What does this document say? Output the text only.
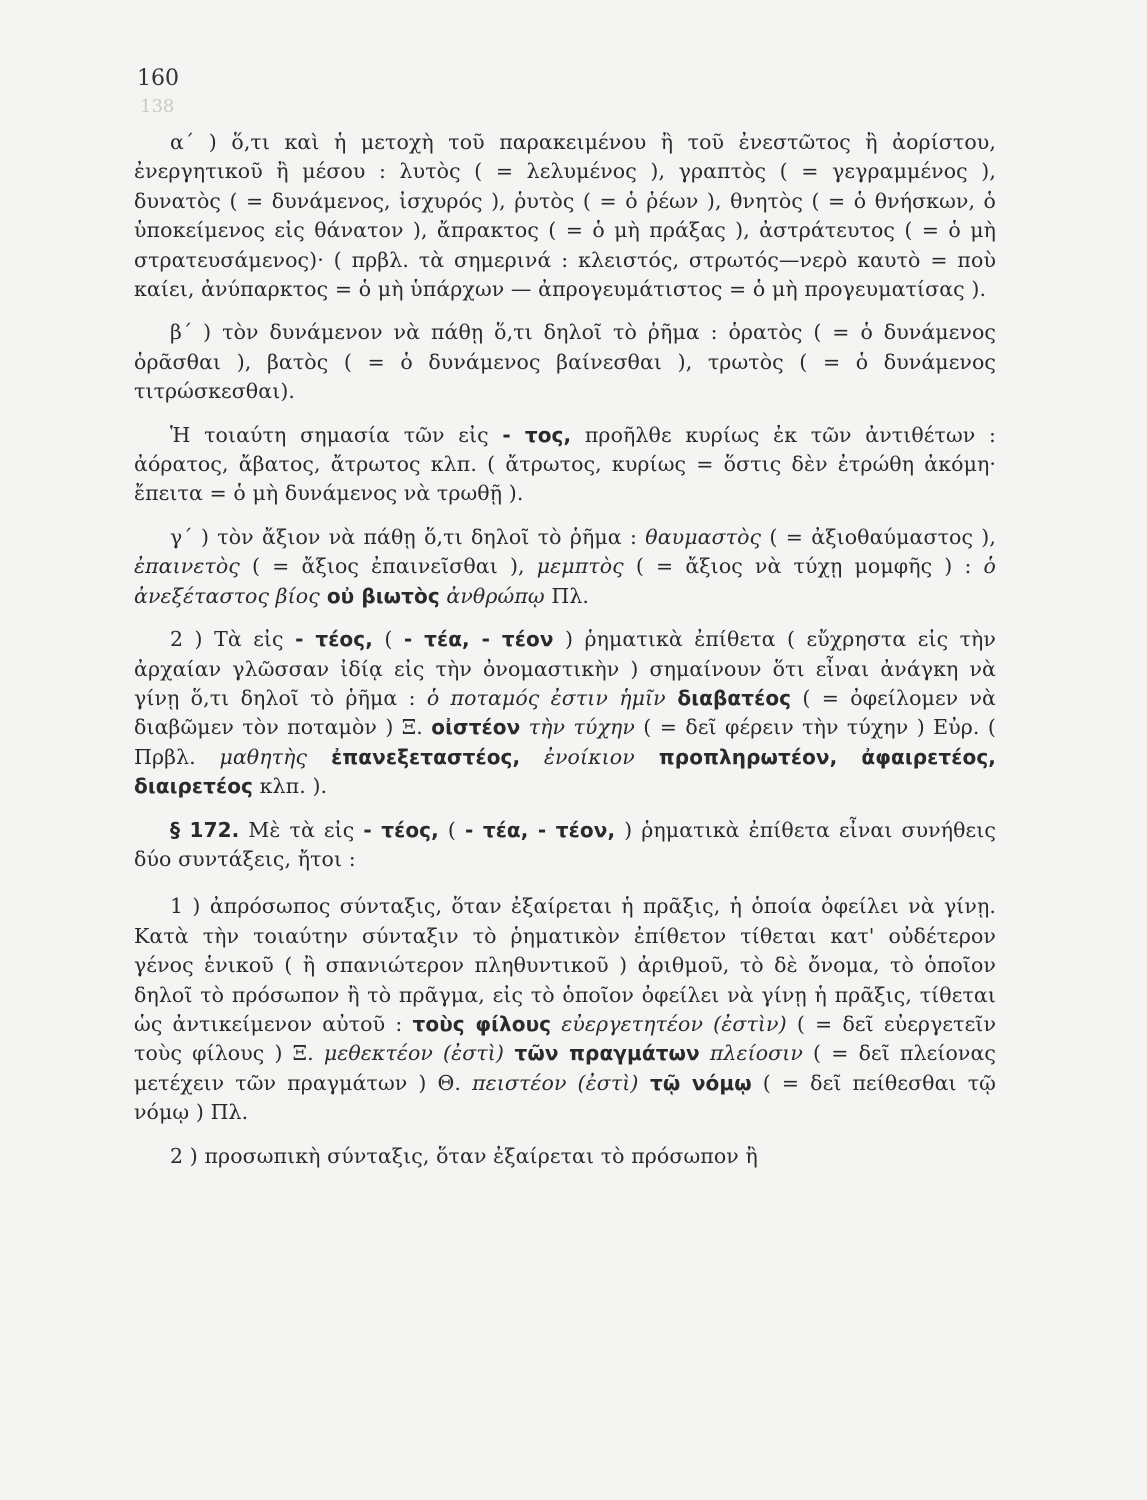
160
138

α΄ ) ὅ,τι καὶ ἡ μετοχὴ τοῦ παρακειμένου ἢ τοῦ ἐνεστῶτος ἢ ἀορίστου, ἐνεργητικοῦ ἢ μέσου : λυτὸς ( = λελυμένος ), γραπτὸς ( = γεγραμμένος ), δυνατὸς ( = δυνάμενος, ἰσχυρός ), ῥυτὸς ( = ὁ ῥέων ), θνητὸς ( = ὁ θνήσκων, ὁ ὑποκείμενος εἰς θάνατον ), ἄπρακτος ( = ὁ μὴ πράξας ), ἀστράτευτος ( = ὁ μὴ στρατευσάμενος)· ( πρβλ. τὰ σημερινά : κλειστός, στρωτός—νερὸ καυτὸ = ποὺ καίει, ἀνύπαρκτος = ὁ μὴ ὑπάρχων — ἀπρογευμάτιστος = ὁ μὴ προγευματίσας ).

β΄ ) τὸν δυνάμενον νὰ πάθῃ ὅ,τι δηλοῖ τὸ ῥῆμα : ὁρατὸς ( = ὁ δυνάμενος ὁρᾶσθαι ), βατὸς ( = ὁ δυνάμενος βαίνεσθαι ), τρωτὸς ( = ὁ δυνάμενος τιτρώσκεσθαι).

Ἡ τοιαύτη σημασία τῶν εἰς - τος, προῆλθε κυρίως ἐκ τῶν ἀντιθέτων : ἀόρατος, ἄβατος, ἄτρωτος κλπ. ( ἄτρωτος, κυρίως = ὅστις δὲν ἐτρώθη ἀκόμη· ἔπειτα = ὁ μὴ δυνάμενος νὰ τρωθῇ ).

γ΄ ) τὸν ἄξιον νὰ πάθῃ ὅ,τι δηλοῖ τὸ ῥῆμα : θαυμαστὸς ( = ἀξιοθαύμαστος ), ἐπαινετὸς ( = ἄξιος ἐπαινεῖσθαι ), μεμπτὸς ( = ἄξιος νὰ τύχῃ μομφῆς ) : ὁ ἀνεξέταστος βίος οὐ βιωτὸς ἀνθρώπῳ Πλ.

2 ) Τὰ εἰς - τέος, ( - τέα, - τέον ) ῥηματικὰ ἐπίθετα ( εὔχρηστα εἰς τὴν ἀρχαίαν γλῶσσαν ἰδίᾳ εἰς τὴν ὀνομαστικὴν ) σημαίνουν ὅτι εἶναι ἀνάγκη νὰ γίνῃ ὅ,τι δηλοῖ τὸ ῥῆμα : ὁ ποταμός ἐστιν ἡμῖν διαβατέος ( = ὀφείλομεν νὰ διαβῶμεν τὸν ποταμὸν ) Ξ. οἰστέον τὴν τύχην ( = δεῖ φέρειν τὴν τύχην ) Εὐρ. ( Πρβλ. μαθητὴς ἐπανεξεταστέος, ἐνοίκιον προπληρωτέον, ἀφαιρετέος, διαιρετέος κλπ. ).

§ 172. Μὲ τὰ εἰς - τέος, ( - τέα, - τέον, ) ῥηματικὰ ἐπίθετα εἶναι συνήθεις δύο συντάξεις, ἤτοι :

1 ) ἀπρόσωπος σύνταξις, ὅταν ἐξαίρεται ἡ πρᾶξις, ἡ ὁποία ὀφείλει νὰ γίνῃ. Κατὰ τὴν τοιαύτην σύνταξιν τὸ ῥηματικὸν ἐπίθετον τίθεται κατ' οὐδέτερον γένος ἑνικοῦ ( ἢ σπανιώτερον πληθυντικοῦ ) ἀριθμοῦ, τὸ δὲ ὄνομα, τὸ ὁποῖον δηλοῖ τὸ πρόσωπον ἢ τὸ πρᾶγμα, εἰς τὸ ὁποῖον ὀφείλει νὰ γίνῃ ἡ πρᾶξις, τίθεται ὡς ἀντικείμενον αὐτοῦ : τοὺς φίλους εὐεργετητέον (ἐστὶν) ( = δεῖ εὐεργετεῖν τοὺς φίλους ) Ξ. μεθεκτέον (ἐστὶ) τῶν πραγμάτων πλείοσιν ( = δεῖ πλείονας μετέχειν τῶν πραγμάτων ) Θ. πειστέον (ἐστὶ) τῷ νόμῳ ( = δεῖ πείθεσθαι τῷ νόμῳ ) Πλ.

2 ) προσωπικὴ σύνταξις, ὅταν ἐξαίρεται τὸ πρόσωπον ἢ
